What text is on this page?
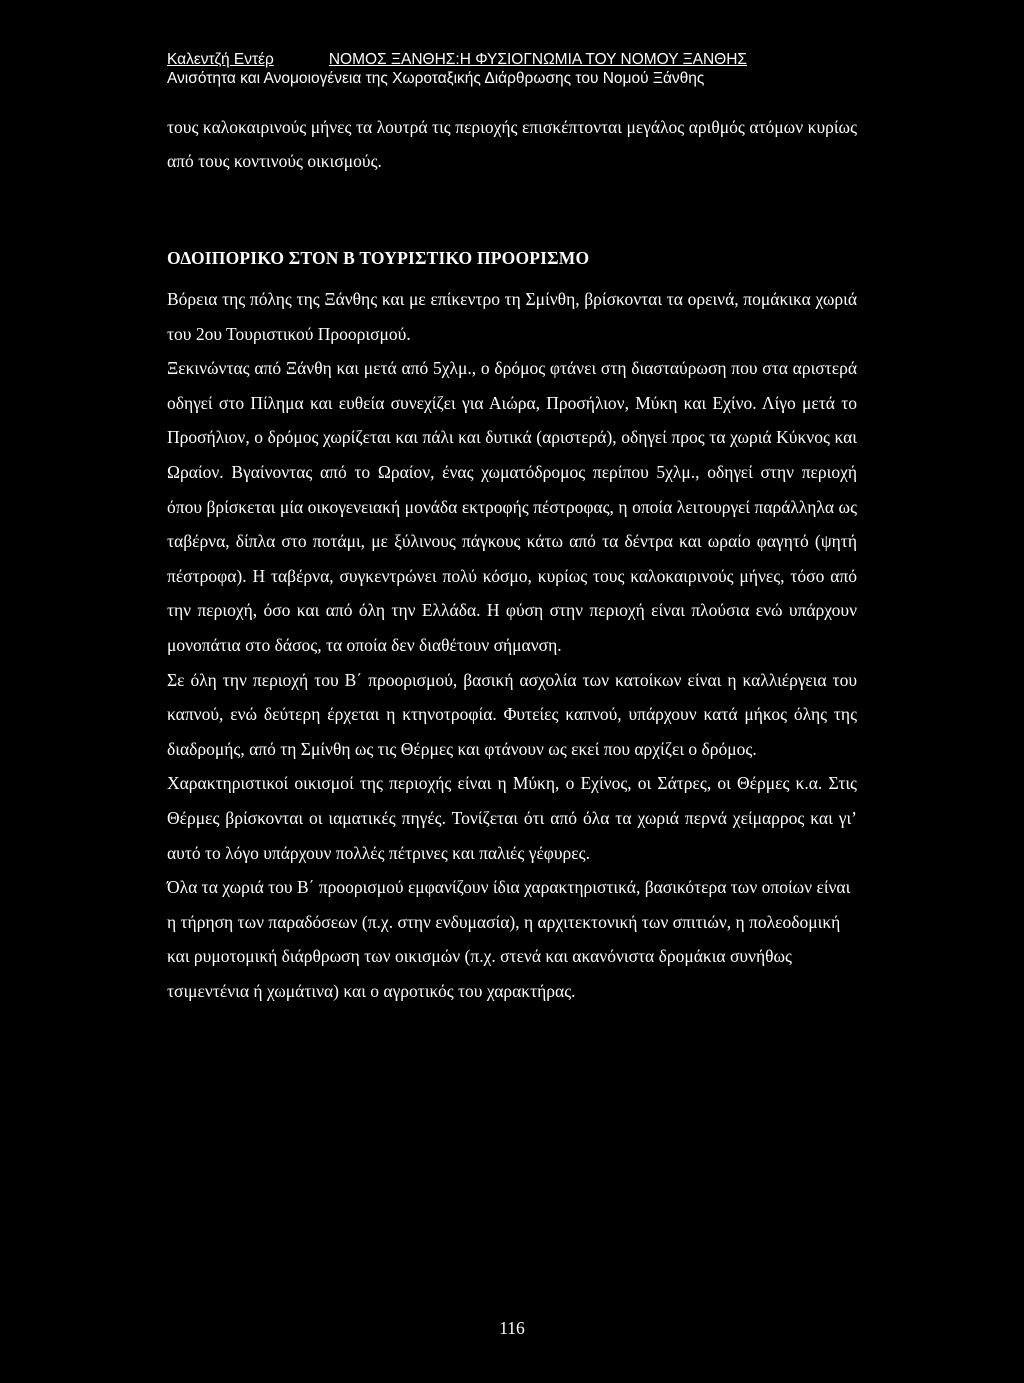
Καλεντζή Εντέρ	ΝΟΜΟΣ ΞΑΝΘΗΣ:Η ΦΥΣΙΟΓΝΩΜΙΑ ΤΟΥ ΝΟΜΟΥ ΞΑΝΘΗΣ
Ανισότητα και Ανομοιογένεια της Χωροταξικής Διάρθρωσης του Νομού Ξάνθης
τους καλοκαιρινούς μήνες τα λουτρά τις περιοχής επισκέπτονται μεγάλος αριθμός ατόμων κυρίως από τους κοντινούς οικισμούς.
ΟΔΟΙΠΟΡΙΚΟ ΣΤΟΝ Β ΤΟΥΡΙΣΤΙΚΟ ΠΡΟΟΡΙΣΜΟ

Βόρεια της πόλης της Ξάνθης και με επίκεντρο τη Σμίνθη, βρίσκονται τα ορεινά, πομάκικα χωριά του 2ου Τουριστικού Προορισμού.

Ξεκινώντας από Ξάνθη και μετά από 5χλμ., ο δρόμος φτάνει στη διασταύρωση που στα αριστερά οδηγεί στο Πίλημα και ευθεία συνεχίζει για Αιώρα, Προσήλιον, Μύκη και Εχίνο. Λίγο μετά το Προσήλιον, ο δρόμος χωρίζεται και πάλι και δυτικά (αριστερά), οδηγεί προς τα χωριά Κύκνος και Ωραίον. Βγαίνοντας από το Ωραίον, ένας χωματόδρομος περίπου 5χλμ., οδηγεί στην περιοχή όπου βρίσκεται μία οικογενειακή μονάδα εκτροφής πέστροφας, η οποία λειτουργεί παράλληλα ως ταβέρνα, δίπλα στο ποτάμι, με ξύλινους πάγκους κάτω από τα δέντρα και ωραίο φαγητό (ψητή πέστροφα). Η ταβέρνα, συγκεντρώνει πολύ κόσμο, κυρίως τους καλοκαιρινούς μήνες, τόσο από την περιοχή, όσο και από όλη την Ελλάδα. Η φύση στην περιοχή είναι πλούσια ενώ υπάρχουν μονοπάτια στο δάσος, τα οποία δεν διαθέτουν σήμανση.

Σε όλη την περιοχή του Β΄ προορισμού, βασική ασχολία των κατοίκων είναι η καλλιέργεια του καπνού, ενώ δεύτερη έρχεται η κτηνοτροφία. Φυτείες καπνού, υπάρχουν κατά μήκος όλης της διαδρομής, από τη Σμίνθη ως τις Θέρμες και φτάνουν ως εκεί που αρχίζει ο δρόμος.

Χαρακτηριστικοί οικισμοί της περιοχής είναι η Μύκη, ο Εχίνος, οι Σάτρες, οι Θέρμες κ.α. Στις Θέρμες βρίσκονται οι ιαματικές πηγές. Τονίζεται ότι από όλα τα χωριά περνά χείμαρρος και γι’ αυτό το λόγο υπάρχουν πολλές πέτρινες και παλιές γέφυρες.

Όλα τα χωριά του Β΄ προορισμού εμφανίζουν ίδια χαρακτηριστικά, βασικότερα των οποίων είναι η τήρηση των παραδόσεων (π.χ. στην ενδυμασία), η αρχιτεκτονική των σπιτιών, η πολεοδομική και ρυμοτομική διάρθρωση των οικισμών (π.χ. στενά και ακανόνιστα δρομάκια συνήθως τσιμεντένια ή χωμάτινα) και ο αγροτικός του χαρακτήρας.

116
